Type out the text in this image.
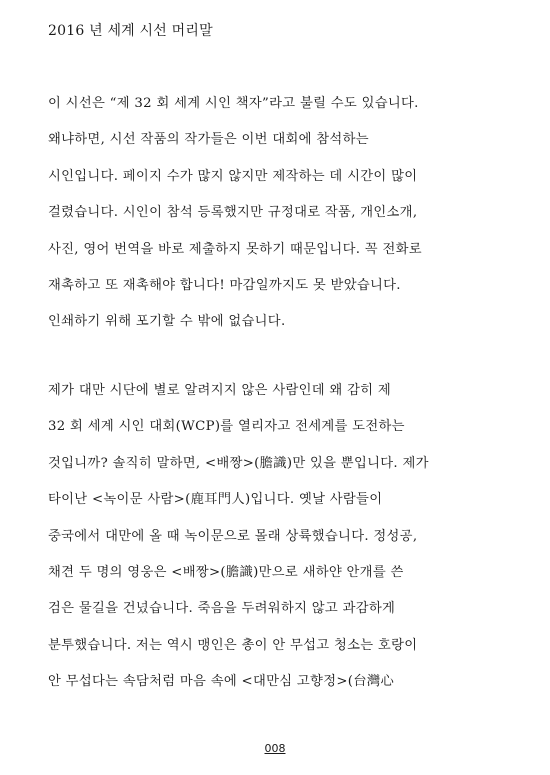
2016 년 세계 시선 머리말
이 시선은 “제 32 회 세계 시인 책자”라고 불릴 수도 있습니다.
왜냐하면, 시선 작품의 작가들은 이번 대회에 참석하는
시인입니다. 페이지 수가 많지 않지만 제작하는 데 시간이 많이
걸렸습니다. 시인이 참석 등록했지만 규정대로 작품, 개인소개,
사진, 영어 번역을 바로 제출하지 못하기 때문입니다. 꼭 전화로
재촉하고 또 재촉해야 합니다! 마감일까지도 못 받았습니다.
인쇄하기 위해 포기할 수 밖에 없습니다.
제가 대만 시단에 별로 알려지지 않은 사람인데 왜 감히 제
32 회 세계 시인 대회(WCP)를 열리자고 전세계를 도전하는
것입니까? 솔직히 말하면, <배짱>(膽識)만 있을 뿐입니다. 제가
타이난 <녹이문 사람>(鹿耳門人)입니다. 옛날 사람들이
중국에서 대만에 올 때 녹이문으로 몰래 상륙했습니다. 정성공,
채견 두 명의 영웅은 <배짱>(膽識)만으로 새하얀 안개를 쓴
검은 물길을 건넜습니다. 죽음을 두려워하지 않고 과감하게
분투했습니다. 저는 역시 맹인은 총이 안 무섭고 청소는 호랑이
안 무섭다는 속담처럼 마음 속에 <대만심 고향정>(台灣心
008
